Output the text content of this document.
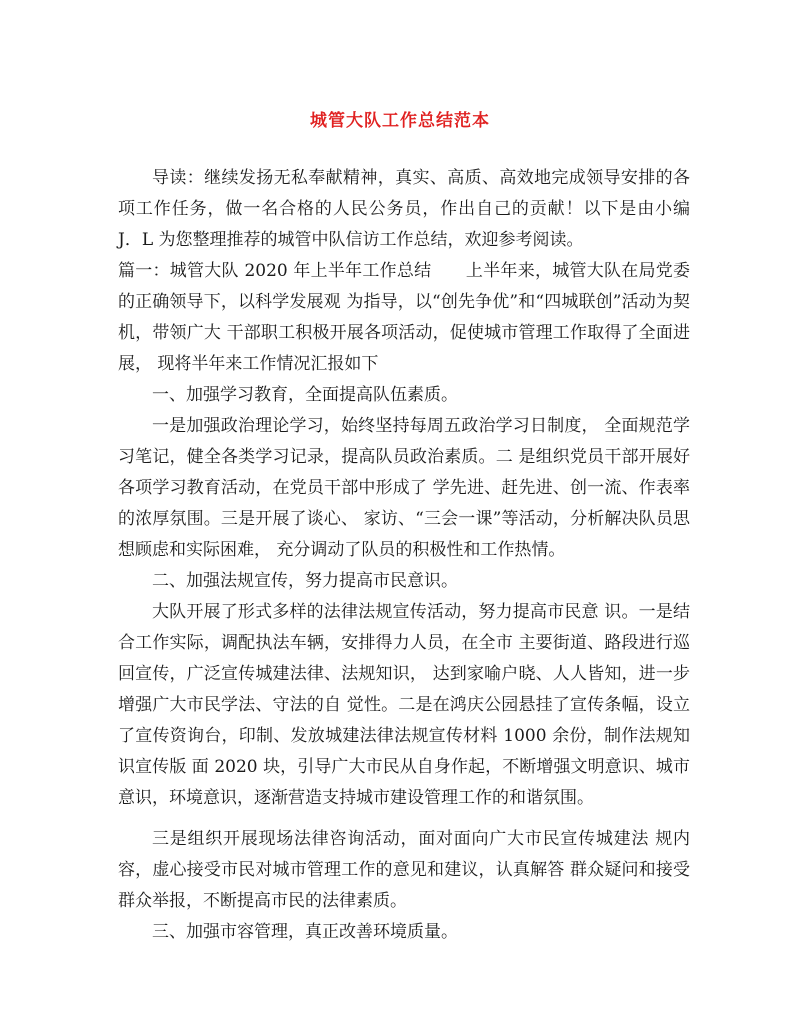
城管大队工作总结范本

导读：继续发扬无私奉献精神，真实、高质、高效地完成领导安排的各项工作任务，做一名合格的人民公务员，作出自己的贡献！以下是由小编 J．L 为您整理推荐的城管中队信访工作总结，欢迎参考阅读。

篇一：城管大队 2020 年上半年工作总结　　上半年来，城管大队在局党委的正确领导下，以科学发展观 为指导，以“创先争优”和“四城联创”活动为契机，带领广大 干部职工积极开展各项活动，促使城市管理工作取得了全面进展， 现将半年来工作情况汇报如下

一、加强学习教育，全面提高队伍素质。

一是加强政治理论学习，始终坚持每周五政治学习日制度， 全面规范学习笔记，健全各类学习记录，提高队员政治素质。二 是组织党员干部开展好各项学习教育活动，在党员干部中形成了 学先进、赶先进、创一流、作表率的浓厚氛围。三是开展了谈心、 家访、“三会一课”等活动，分析解决队员思想顾虑和实际困难， 充分调动了队员的积极性和工作热情。

二、加强法规宣传，努力提高市民意识。

大队开展了形式多样的法律法规宣传活动，努力提高市民意 识。一是结合工作实际，调配执法车辆，安排得力人员，在全市 主要街道、路段进行巡回宣传，广泛宣传城建法律、法规知识， 达到家喻户晓、人人皆知，进一步增强广大市民学法、守法的自 觉性。二是在鸿庆公园悬挂了宣传条幅，设立了宣传资询台，印制、发放城建法律法规宣传材料 1000 余份，制作法规知识宣传版 面 2020 块，引导广大市民从自身作起，不断增强文明意识、城市 意识，环境意识，逐渐营造支持城市建设管理工作的和谐氛围。

三是组织开展现场法律咨询活动，面对面向广大市民宣传城建法 规内容，虚心接受市民对城市管理工作的意见和建议，认真解答 群众疑问和接受群众举报，不断提高市民的法律素质。

三、加强市容管理，真正改善环境质量。
